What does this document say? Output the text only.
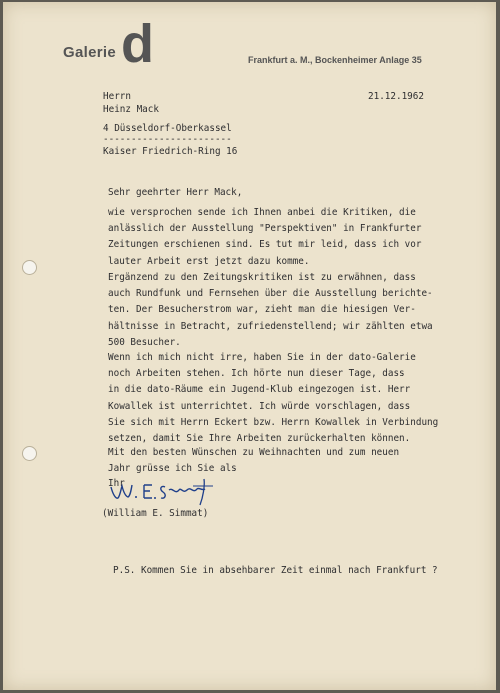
Galerie d	Frankfurt a. M., Bockenheimer Anlage 35
Herrn
Heinz Mack
4 Düsseldorf-Oberkassel
-----------------------
Kaiser Friedrich-Ring 16
21.12.1962
Sehr geehrter Herr Mack,
wie versprochen sende ich Ihnen anbei die Kritiken, die
anlässlich der Ausstellung "Perspektiven" in Frankfurter
Zeitungen erschienen sind. Es tut mir leid, dass ich vor
lauter Arbeit erst jetzt dazu komme.
Ergänzend zu den Zeitungskritiken ist zu erwähnen, dass
auch Rundfunk und Fernsehen über die Ausstellung berichte-
ten. Der Besucherstrom war, zieht man die hiesigen Ver-
hältnisse in Betracht, zufriedenstellend; wir zählten etwa
500 Besucher.
Wenn ich mich nicht irre, haben Sie in der dato-Galerie
noch Arbeiten stehen. Ich hörte nun dieser Tage, dass
in die dato-Räume ein Jugend-Klub eingezogen ist. Herr
Kowallek ist unterrichtet. Ich würde vorschlagen, dass
Sie sich mit Herrn Eckert bzw. Herrn Kowallek in Verbindung
setzen, damit Sie Ihre Arbeiten zurückerhalten können.
Mit den besten Wünschen zu Weihnachten und zum neuen
Jahr grüsse ich Sie als
Ihr
(William E. Simmat)
P.S. Kommen Sie in absehbarer Zeit einmal nach Frankfurt ?
